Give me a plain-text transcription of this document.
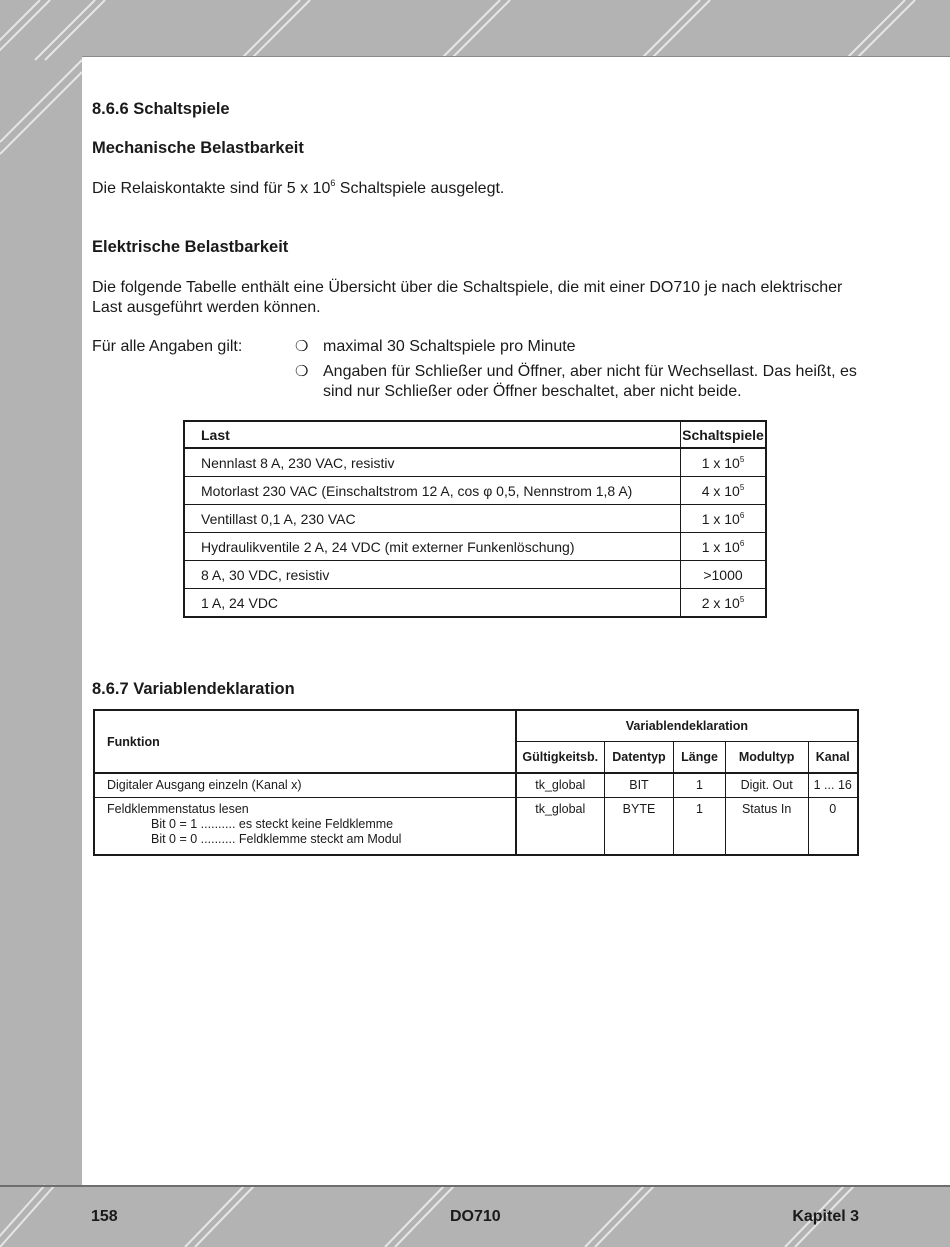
8.6.6 Schaltspiele
Mechanische Belastbarkeit

Die Relaiskontakte sind für 5 x $10^6$ Schaltspiele ausgelegt.

Elektrische Belastbarkeit

Die folgende Tabelle enthält eine Übersicht über die Schaltspiele, die mit einer DO710 je nach elektrischer Last ausgeführt werden können.

Für alle Angaben gilt:	❍ maximal 30 Schaltspiele pro Minute
❍ Angaben für Schließer und Öffner, aber nicht für Wechsellast. Das heißt, es sind nur Schließer oder Öffner beschaltet, aber nicht beide.
Last	Schaltspiele
Nennlast 8 A, 230 VAC, resistiv	1 x $10^5$
Motorlast 230 VAC (Einschaltstrom 12 A, cos φ 0,5, Nennstrom 1,8 A)	4 x $10^5$
Ventillast 0,1 A, 230 VAC	1 x $10^6$
Hydraulikventile 2 A, 24 VDC (mit externer Funkenlöschung)	1 x $10^6$
8 A, 30 VDC, resistiv	>1000
1 A, 24 VDC	2 x $10^5$
8.6.7 Variablendeklaration
Funktion	Variablendeklaration				
	Gültigkeitsb.	Datentyp	Länge	Modultyp	Kanal
Digitaler Ausgang einzeln (Kanal x)	tk_global	BIT	1	Digit. Out	1 ... 16
Feldklemmenstatus lesen
Bit 0 = 1 .......... es steckt keine Feldklemme
Bit 0 = 0 .......... Feldklemme steckt am Modul	tk_global	BYTE	1	Status In	0
158	DO710	Kapitel 3
